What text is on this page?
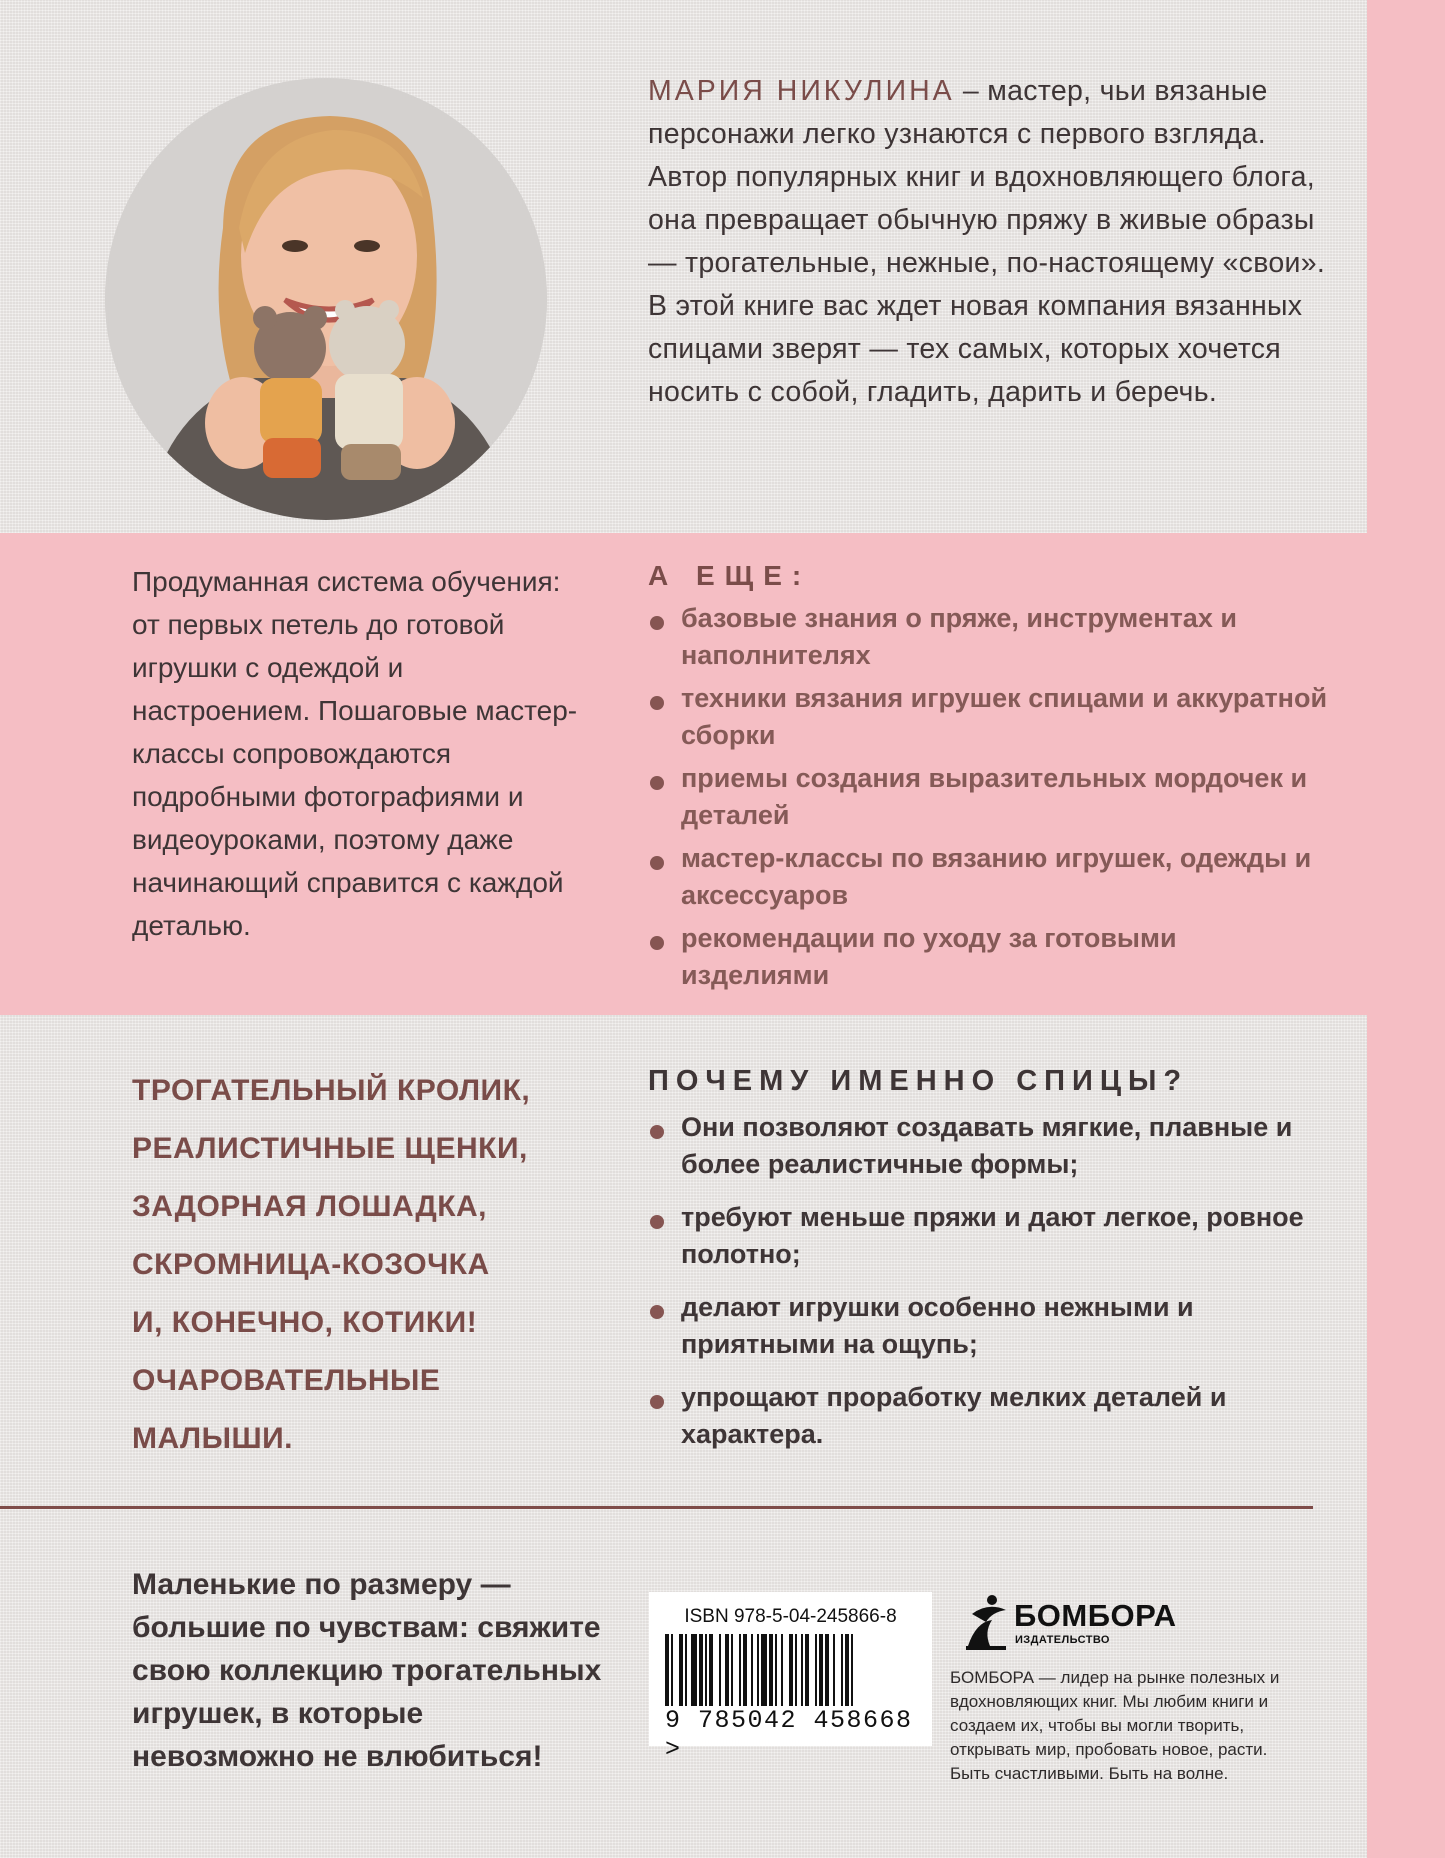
МАРИЯ НИКУЛИНА – мастер, чьи вязаные персонажи легко узнаются с первого взгляда. Автор популярных книг и вдохновляющего блога, она превращает обычную пряжу в живые образы — трогательные, нежные, по-настоящему «свои». В этой книге вас ждет новая компания вязанных спицами зверят — тех самых, которых хочется носить с собой, гладить, дарить и беречь.
Продуманная система обучения: от первых петель до готовой игрушки с одеждой и настроением. Пошаговые мастер-классы сопровождаются подробными фотографиями и видеоуроками, поэтому даже начинающий справится с каждой деталью.
А ЕЩЕ:
базовые знания о пряже, инструментах и наполнителях
техники вязания игрушек спицами и аккуратной сборки
приемы создания выразительных мордочек и деталей
мастер-классы по вязанию игрушек, одежды и аксессуаров
рекомендации по уходу за готовыми изделиями
ТРОГАТЕЛЬНЫЙ КРОЛИК,
РЕАЛИСТИЧНЫЕ ЩЕНКИ,
ЗАДОРНАЯ ЛОШАДКА,
СКРОМНИЦА-КОЗОЧКА
И, КОНЕЧНО, КОТИКИ!
ОЧАРОВАТЕЛЬНЫЕ
МАЛЫШИ.
ПОЧЕМУ ИМЕННО СПИЦЫ?
Они позволяют создавать мягкие, плавные и более реалистичные формы;
требуют меньше пряжи и дают легкое, ровное полотно;
делают игрушки особенно нежными и приятными на ощупь;
упрощают проработку мелких деталей и характера.
Маленькие по размеру — большие по чувствам: свяжите свою коллекцию трогательных игрушек, в которые невозможно не влюбиться!
ISBN 978-5-04-245866-8
9 785042 458668 >
БОМБОРА
ИЗДАТЕЛЬСТВО
БОМБОРА — лидер на рынке полезных и вдохновляющих книг. Мы любим книги и создаем их, чтобы вы могли творить, открывать мир, пробовать новое, расти. Быть счастливыми. Быть на волне.
